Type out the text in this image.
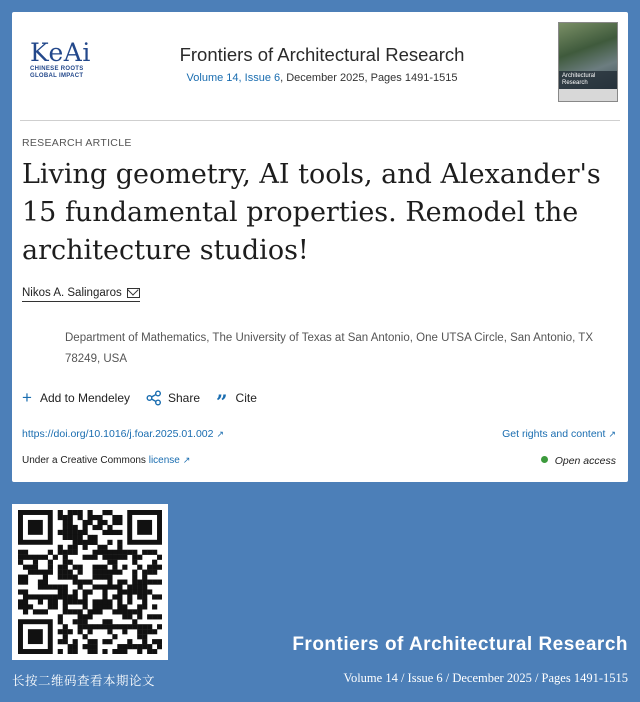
KeAi
CHINESE ROOTS
GLOBAL IMPACT
Frontiers of Architectural Research
Volume 14, Issue 6, December 2025, Pages 1491-1515	Architectural Research
RESEARCH ARTICLE
Living geometry, AI tools, and Alexander's 15 fundamental properties. Remodel the architecture studios!
Nikos A. Salingaros
Department of Mathematics, The University of Texas at San Antonio, One UTSA Circle, San Antonio, TX 78249, USA
+ Add to Mendeley	Share ” Cite
https://doi.org/10.1016/j.foar.2025.01.002 ↗	Get rights and content ↗
Under a Creative Commons license ↗	Open access
长按二维码查看本期论文
Frontiers of Architectural Research
Volume 14 / Issue 6 / December 2025 / Pages 1491-1515
